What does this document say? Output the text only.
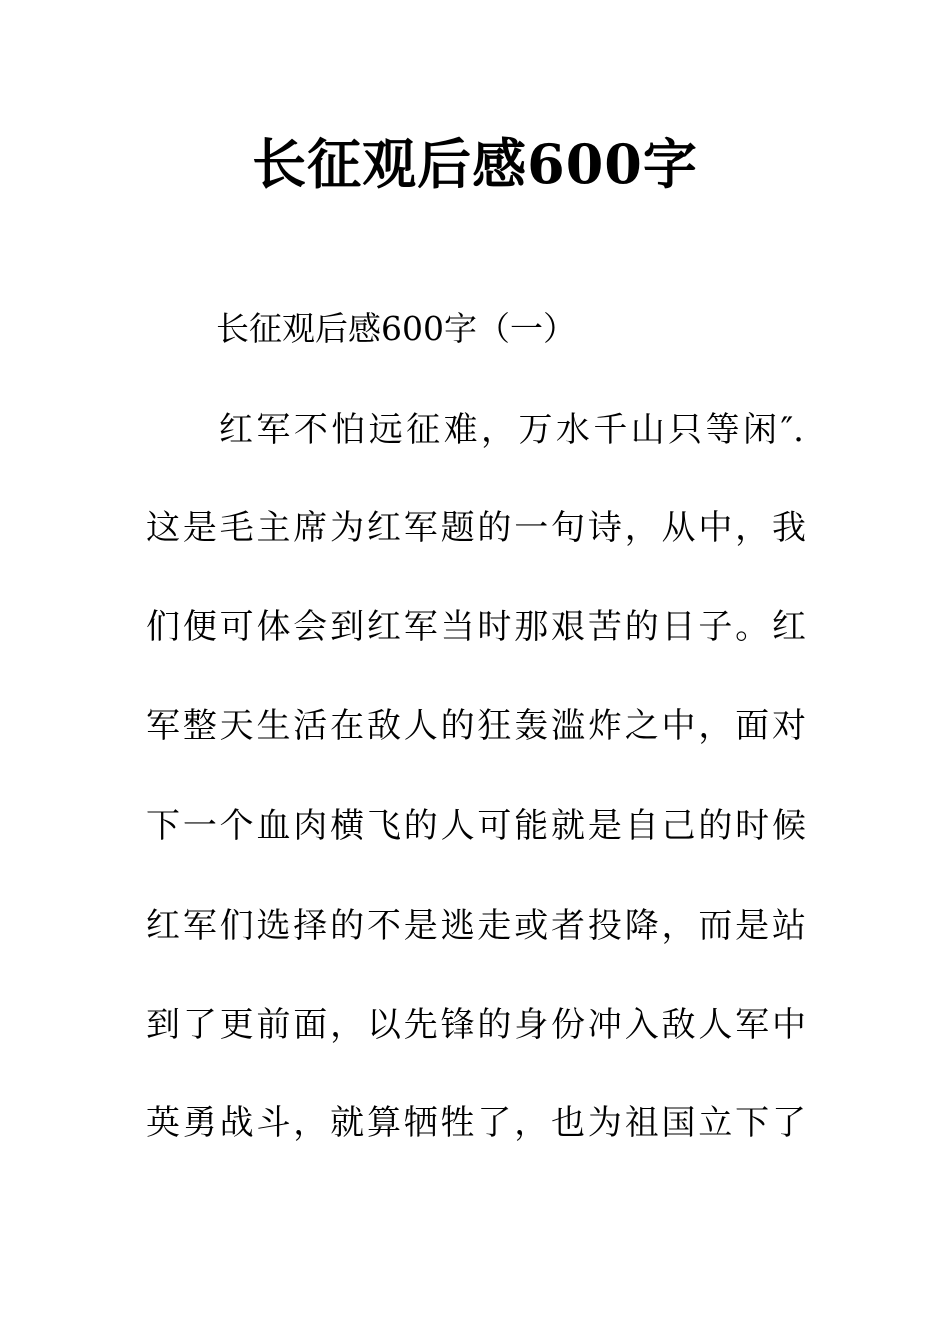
长征观后感600字
长征观后感600字（一）
红军不怕远征难，万水千山只等闲″.
这是毛主席为红军题的一句诗，从中，我
们便可体会到红军当时那艰苦的日子。红
军整天生活在敌人的狂轰滥炸之中，面对
下一个血肉横飞的人可能就是自己的时候
红军们选择的不是逃走或者投降，而是站
到了更前面，以先锋的身份冲入敌人军中
英勇战斗，就算牺牲了，也为祖国立下了
